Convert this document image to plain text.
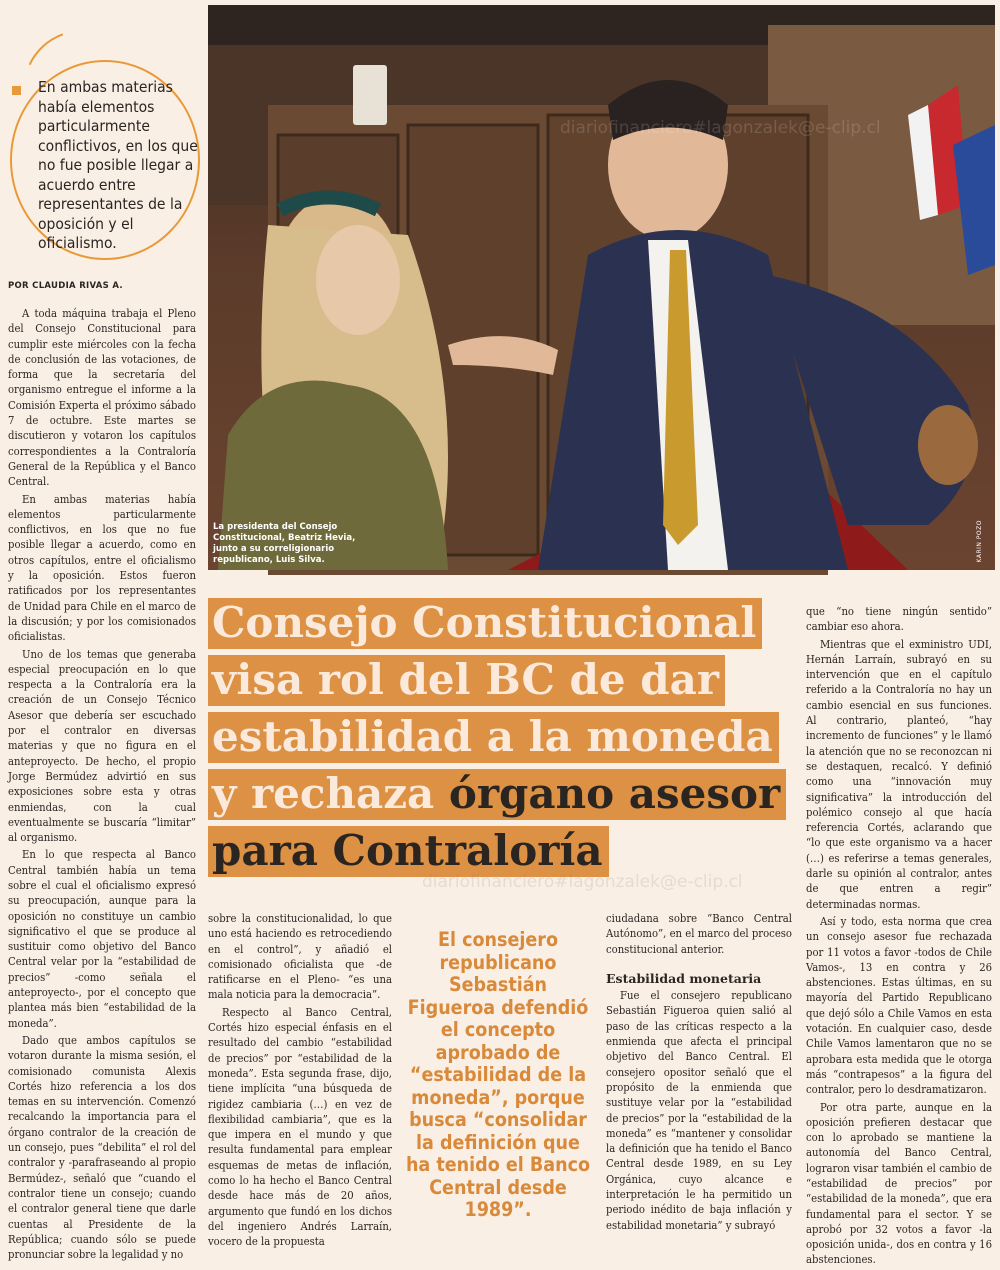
En ambas materias había elementos particularmente conflictivos, en los que no fue posible llegar a acuerdo entre representantes de la oposición y el oficialismo.
La presidenta del Consejo Constitucional, Beatriz Hevia, junto a su correligionario republicano, Luis Silva.	KARIN POZO
POR CLAUDIA RIVAS A.

A toda máquina trabaja el Pleno del Consejo Constitucional para cumplir este miércoles con la fecha de conclusión de las votaciones, de forma que la secretaría del organismo entregue el informe a la Comisión Experta el próximo sábado 7 de octubre. Este martes se discutieron y votaron los capítulos correspondientes a la Contraloría General de la República y el Banco Central.

En ambas materias había elementos particularmente conflictivos, en los que no fue posible llegar a acuerdo, como en otros capítulos, entre el oficialismo y la oposición. Estos fueron ratificados por los representantes de Unidad para Chile en el marco de la discusión; y por los comisionados oficialistas.

Uno de los temas que generaba especial preocupación en lo que respecta a la Contraloría era la creación de un Consejo Técnico Asesor que debería ser escuchado por el contralor en diversas materias y que no figura en el anteproyecto. De hecho, el propio Jorge Bermúdez advirtió en sus exposiciones sobre esta y otras enmiendas, con la cual eventualmente se buscaría “limitar” al organismo.

En lo que respecta al Banco Central también había un tema sobre el cual el oficialismo expresó su preocupación, aunque para la oposición no constituye un cambio significativo el que se produce al sustituir como objetivo del Banco Central velar por la “estabilidad de precios” -como señala el anteproyecto-, por el concepto que plantea más bien “estabilidad de la moneda”.

Dado que ambos capítulos se votaron durante la misma sesión, el comisionado comunista Alexis Cortés hizo referencia a los dos temas en su intervención. Comenzó recalcando la importancia para el órgano contralor de la creación de un consejo, pues “debilita” el rol del contralor y -parafraseando al propio Bermúdez-, señaló que “cuando el contralor tiene un consejo; cuando el contralor general tiene que darle cuentas al Presidente de la República; cuando sólo se puede pronunciar sobre la legalidad y no

Consejo Constitucional
visa rol del BC de dar
estabilidad a la moneda
y rechaza órgano asesor
para Contraloría

sobre la constitucionalidad, lo que uno está haciendo es retrocediendo en el control”, y añadió el comisionado oficialista que -de ratificarse en el Pleno- “es una mala noticia para la democracia”.

Respecto al Banco Central, Cortés hizo especial énfasis en el resultado del cambio “estabilidad de precios” por “estabilidad de la moneda”. Esta segunda frase, dijo, tiene implícita “una búsqueda de rigidez cambiaria (…) en vez de flexibilidad cambiaria”, que es la que impera en el mundo y que resulta fundamental para emplear esquemas de metas de inflación, como lo ha hecho el Banco Central desde hace más de 20 años, argumento que fundó en los dichos del ingeniero Andrés Larraín, vocero de la propuesta

El consejero republicano Sebastián Figueroa defendió el concepto aprobado de “estabilidad de la moneda”, porque busca “consolidar la definición que ha tenido el Banco Central desde 1989”.

ciudadana sobre “Banco Central Autónomo”, en el marco del proceso constitucional anterior.

Estabilidad monetaria

Fue el consejero republicano Sebastián Figueroa quien salió al paso de las críticas respecto a la enmienda que afecta el principal objetivo del Banco Central. El consejero opositor señaló que el propósito de la enmienda que sustituye velar por la “estabilidad de precios” por la “estabilidad de la moneda” es “mantener y consolidar la definición que ha tenido el Banco Central desde 1989, en su Ley Orgánica, cuyo alcance e interpretación le ha permitido un periodo inédito de baja inflación y estabilidad monetaria” y subrayó

que “no tiene ningún sentido” cambiar eso ahora.

Mientras que el exministro UDI, Hernán Larraín, subrayó en su intervención que en el capítulo referido a la Contraloría no hay un cambio esencial en sus funciones. Al contrario, planteó, “hay incremento de funciones” y le llamó la atención que no se reconozcan ni se destaquen, recalcó. Y definió como una “innovación muy significativa” la introducción del polémico consejo al que hacía referencia Cortés, aclarando que “lo que este organismo va a hacer (…) es referirse a temas generales, darle su opinión al contralor, antes de que entren a regir” determinadas normas.

Así y todo, esta norma que crea un consejo asesor fue rechazada por 11 votos a favor -todos de Chile Vamos-, 13 en contra y 26 abstenciones. Estas últimas, en su mayoría del Partido Republicano que dejó sólo a Chile Vamos en esta votación. En cualquier caso, desde Chile Vamos lamentaron que no se aprobara esta medida que le otorga más “contrapesos” a la figura del contralor, pero lo desdramatizaron.

Por otra parte, aunque en la oposición prefieren destacar que con lo aprobado se mantiene la autonomía del Banco Central, lograron visar también el cambio de “estabilidad de precios” por “estabilidad de la moneda”, que era fundamental para el sector. Y se aprobó por 32 votos a favor -la oposición unida-, dos en contra y 16 abstenciones.

diariofinanciero#lagonzalek@e-clip.cl
diariofinanciero#lagonzalek@e-clip.cl
